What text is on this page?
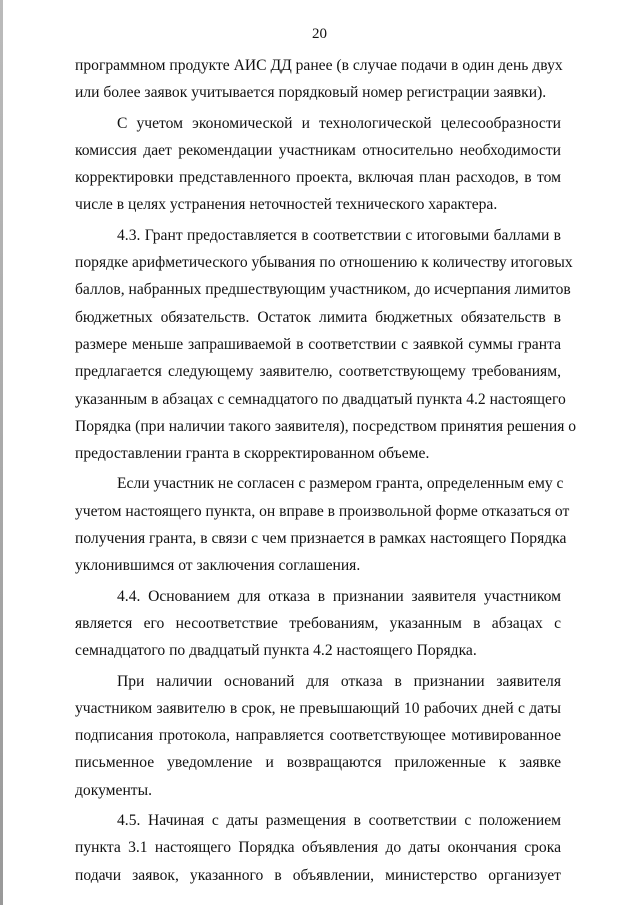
20
программном продукте АИС ДД ранее (в случае подачи в один день двух
или более заявок учитывается порядковый номер регистрации заявки).
С учетом экономической и технологической целесообразности
комиссия дает рекомендации участникам относительно необходимости
корректировки представленного проекта, включая план расходов, в том
числе в целях устранения неточностей технического характера.
4.3. Грант предоставляется в соответствии с итоговыми баллами в
порядке арифметического убывания по отношению к количеству итоговых
баллов, набранных предшествующим участником, до исчерпания лимитов
бюджетных обязательств. Остаток лимита бюджетных обязательств в
размере меньше запрашиваемой в соответствии с заявкой суммы гранта
предлагается следующему заявителю, соответствующему требованиям,
указанным в абзацах с семнадцатого по двадцатый пункта 4.2 настоящего
Порядка (при наличии такого заявителя), посредством принятия решения о
предоставлении гранта в скорректированном объеме.
Если участник не согласен с размером гранта, определенным ему с
учетом настоящего пункта, он вправе в произвольной форме отказаться от
получения гранта, в связи с чем признается в рамках настоящего Порядка
уклонившимся от заключения соглашения.
4.4. Основанием для отказа в признании заявителя участником
является его несоответствие требованиям, указанным в абзацах с
семнадцатого по двадцатый пункта 4.2 настоящего Порядка.
При наличии оснований для отказа в признании заявителя
участником заявителю в срок, не превышающий 10 рабочих дней с даты
подписания протокола, направляется соответствующее мотивированное
письменное уведомление и возвращаются приложенные к заявке
документы.
4.5. Начиная с даты размещения в соответствии с положением
пункта 3.1 настоящего Порядка объявления до даты окончания срока
подачи заявок, указанного в объявлении, министерство организует
